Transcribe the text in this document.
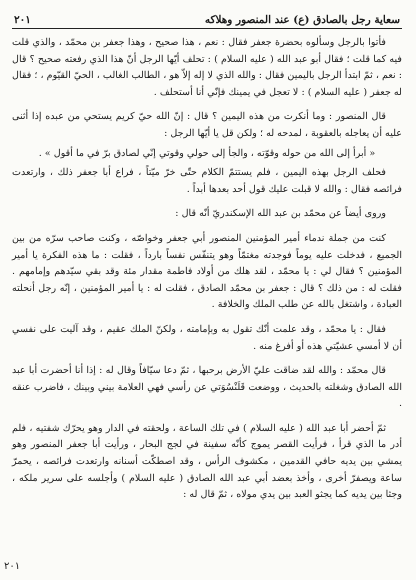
سعاية رجل بالصادق (ع) عند المنصور وهلاكه
٢٠١

فأتوا بالرجل وسألوه بحضرة جعفر فقال : نعم ، هذا صحيح ، وهذا جعفر بن محمّد ، والذي قلت فيه كما قلت ؛ فقال أبو عبد الله ( عليه السلام ) : تحلف أيّها الرجل أنّ هذا الذي رفعته صحيح ؟ قال : نعم ، ثمّ ابتدأ الرجل باليمين فقال : والله الذي لا إله إلاّ هو ، الطالب الغالب ، الحيّ القيّوم ، ؛ فقال له جعفر ( عليه السلام ) : لا تعجل في يمينك فإنّي أنا أستحلف .

قال المنصور : وما أنكرت من هذه اليمين ؟ قال : إنّ الله حيّ كريم يستحي من عبده إذا أثنى عليه أن يعاجله بالعقوبة ، لمدحه له ؛ ولكن قل يا أيّها الرجل :

« أبرأ إلى الله من حوله وقوّته ، والجأ إلى حولي وقوتي إنّي لصادق برّ في ما أقول » .

فحلف الرجل بهذه اليمين ، فلم يستتمّ الكلام حتّى خرّ ميّتاً ، فراع أبا جعفر ذلك ، وارتعدت فرائصه فقال : والله لا قبلت عليك قول أحد بعدها أبداً .

وروى أيضاً عن محمّد بن عبد الله الإسكندريّ أنّه قال :

كنت من جملة ندماء أمير المؤمنين المنصور أبي جعفر وخواصّه ، وكنت صاحب سرّه من بين الجميع ، فدخلت عليه يوماً فوجدته مغتمّاً وهو يتنفّس نفساً بارداً ، فقلت : ما هذه الفكرة يا أمير المؤمنين ؟ فقال لي : يا محمّد ، لقد هلك من أولاد فاطمة مقدار مئة وقد بقي سيّدهم وإمامهم . فقلت له : من ذلك ؟ قال : جعفر بن محمّد الصادق ، فقلت له : يا أمير المؤمنين ، إنّه رجل أنحلته العبادة ، واشتغل بالله عن طلب الملك والخلافة .

فقال : يا محمّد ، وقد علمت أنّك تقول به وبإمامته ، ولكنّ الملك عقيم ، وقد آليت على نفسي أن لا أمسي عشيّتي هذه أو أفرغ منه .

قال محمّد : والله لقد ضاقت عليّ الأرض برحبها ، ثمّ دعا سيّافاً وقال له : إذا أنا أحضرت أبا عبد الله الصادق وشغلته بالحديث ، ووضعت قَلَنْسُوَتي عن رأسي فهي العلامة بيني وبينك ، فاضرب عنقه .

ثمّ أحضر أبا عبد الله ( عليه السلام ) في تلك الساعة ، ولحقته في الدار وهو يحرّك شفتيه ، فلم أدر ما الذي قرأ ، فرأيت القصر يموج كأنّه سفينة في لجج البحار ، ورأيت أبا جعفر المنصور وهو يمشي بين يديه حافي القدمين ، مكشوف الرأس ، وقد اصطكّت أسنانه وارتعدت فرائصه ، يحمرّ ساعة ويصفرّ أخرى ، وأخذ بعضد أبي عبد الله الصادق ( عليه السلام ) وأجلسه على سرير ملكه ، وجثا بين يديه كما يجثو العبد بين يدي مولاه ، ثمّ قال له :

٢٠١
